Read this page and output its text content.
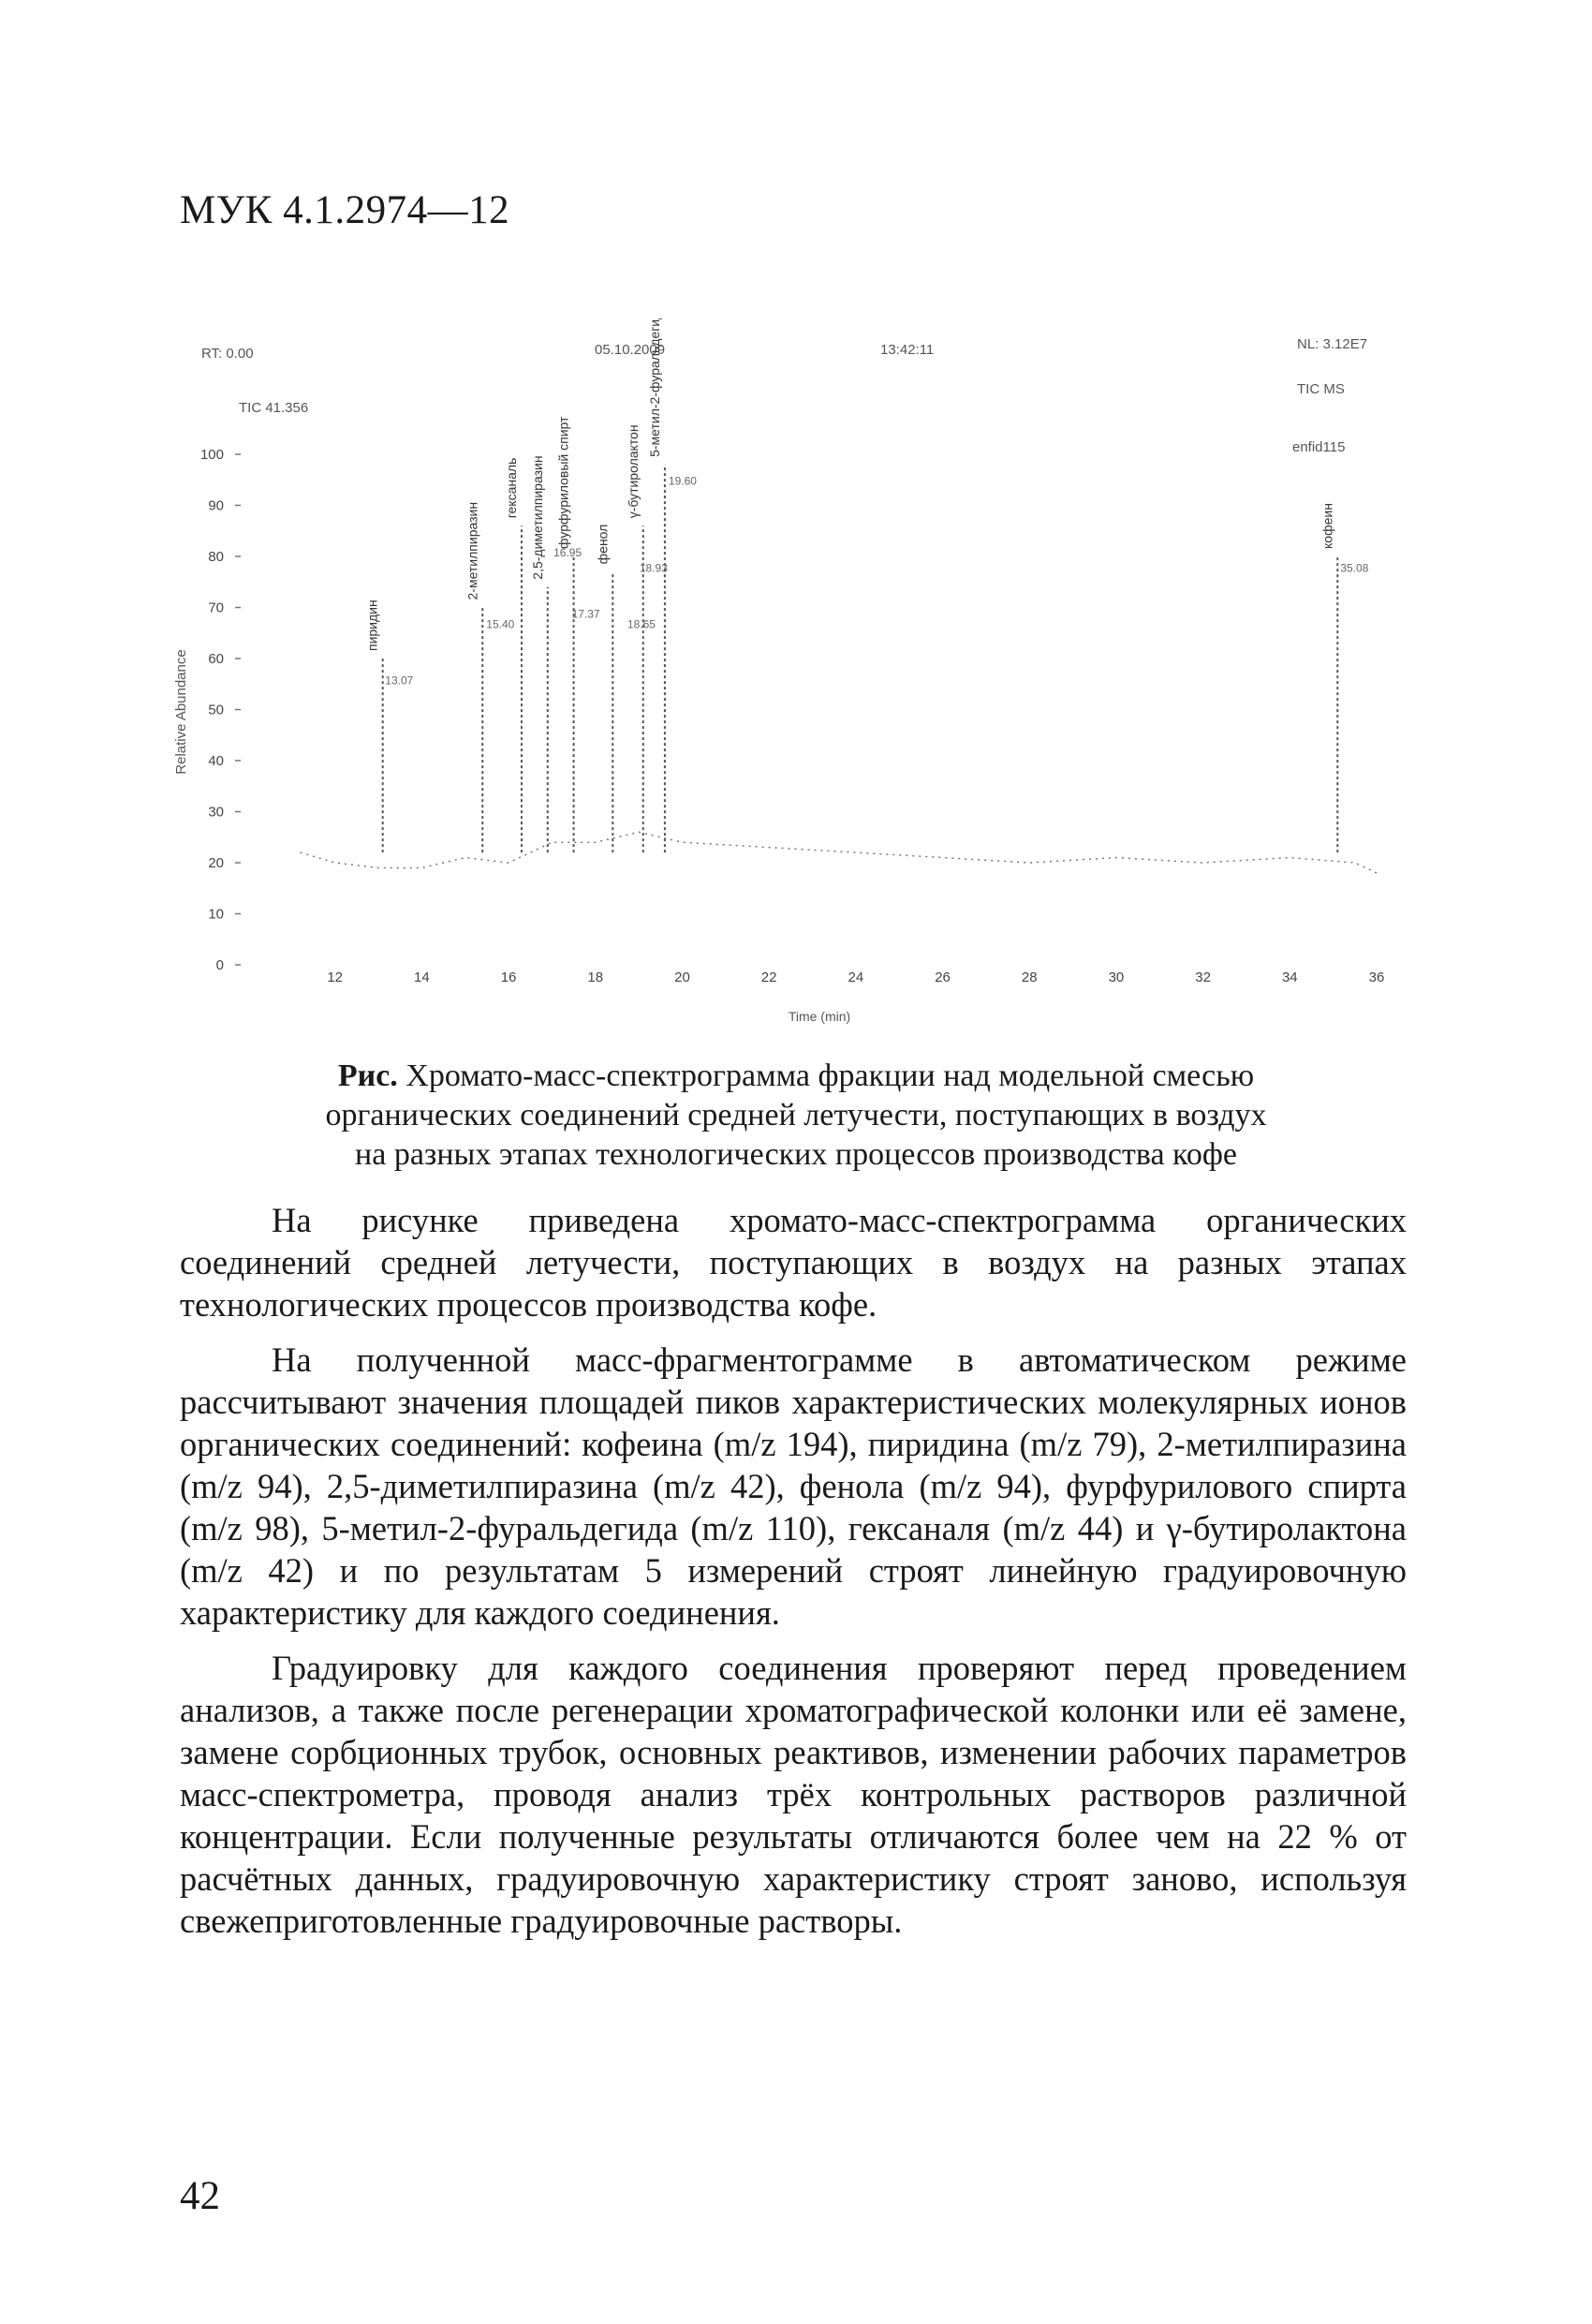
МУК 4.1.2974—12
RT: 0.00
TIC 41.356
05.10.2009	13:42:11	NL: 3.12E7
TIC MS
enfid115
0
10
20
30
40
50
60
70
80
90
100
Relative Abundance
12	14	16	18	20	22	24	26	28	30	32	34	36
Time (min)
пиридин
2-метилпиразин
гексаналь 2,5-диметилпиразин фурфуриловый спирт фенол
γ-бутиролактон
5-метил-2-фуральдегид
кофеин
13.07
15.40
16.95
17.37
18.65
18.93
19.60
35.08
Рис. Хромато-масс-спектрограмма фракции над модельной смесью
органических соединений средней летучести, поступающих в воздух
на разных этапах технологических процессов производства кофе

На рисунке приведена хромато-масс-спектрограмма органических соединений средней летучести, поступающих в воздух на разных этапах технологических процессов производства кофе.

На полученной масс-фрагментограмме в автоматическом режиме рассчитывают значения площадей пиков характеристических молекулярных ионов органических соединений: кофеина (m/z 194), пиридина (m/z 79), 2-метилпиразина (m/z 94), 2,5-диметилпиразина (m/z 42), фенола (m/z 94), фурфурилового спирта (m/z 98), 5-метил-2-фуральдегида (m/z 110), гексаналя (m/z 44) и γ-бутиролактона (m/z 42) и по результатам 5 измерений строят линейную градуировочную характеристику для каждого соединения.

Градуировку для каждого соединения проверяют перед проведением анализов, а также после регенерации хроматографической колонки или её замене, замене сорбционных трубок, основных реактивов, изменении рабочих параметров масс-спектрометра, проводя анализ трёх контрольных растворов различной концентрации. Если полученные результаты отличаются более чем на 22 % от расчётных данных, градуировочную характеристику строят заново, используя свежеприготовленные градуировочные растворы.

42
